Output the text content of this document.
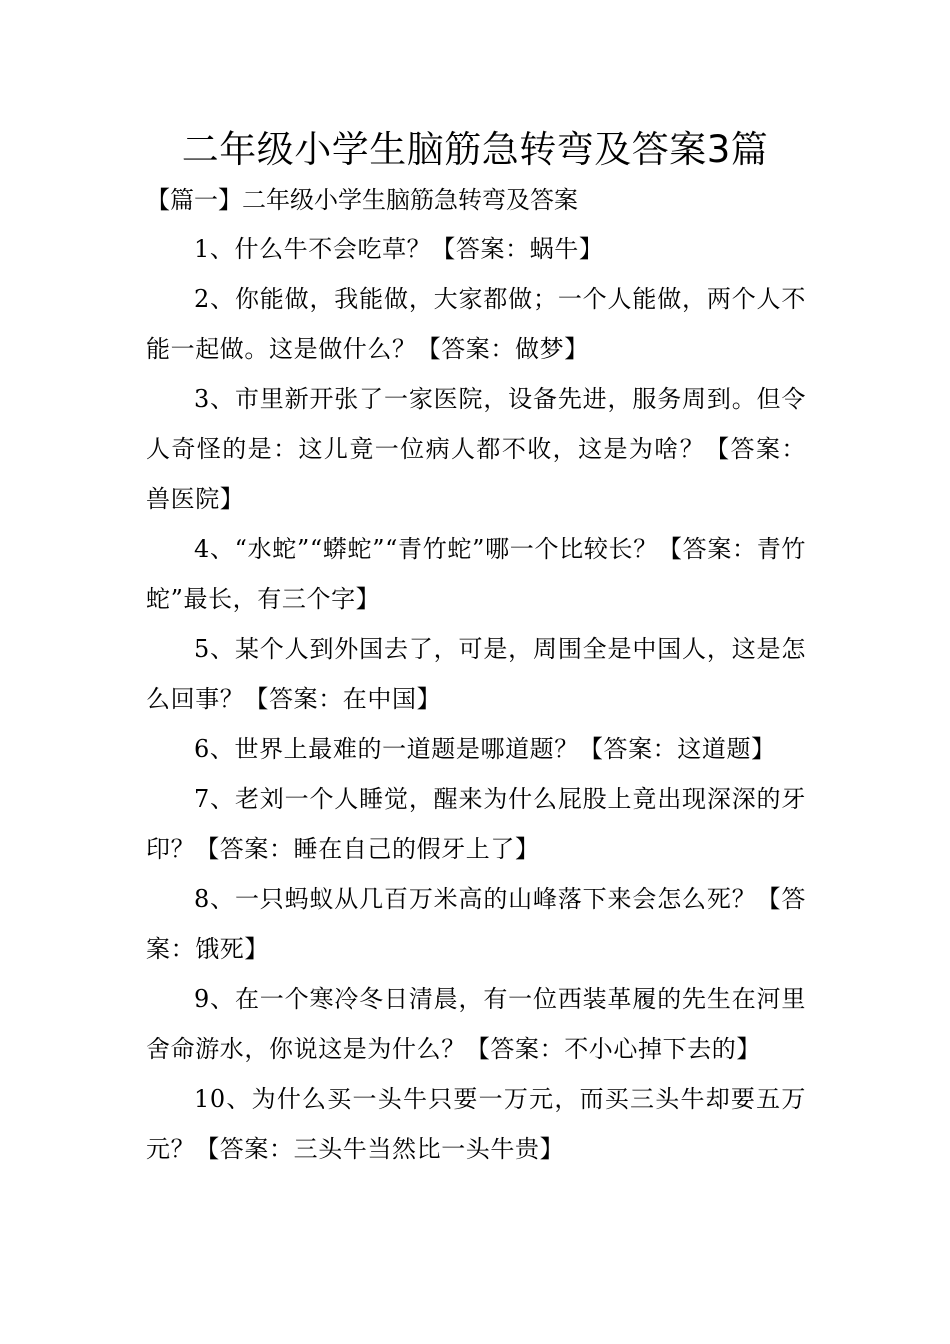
二年级小学生脑筋急转弯及答案3篇
【篇一】二年级小学生脑筋急转弯及答案

1、什么牛不会吃草？【答案：蜗牛】

2、你能做，我能做，大家都做；一个人能做，两个人不能一起做。这是做什么？【答案：做梦】

3、市里新开张了一家医院，设备先进，服务周到。但令人奇怪的是：这儿竟一位病人都不收，这是为啥？【答案：兽医院】

4、“水蛇”“蟒蛇”“青竹蛇”哪一个比较长？【答案：青竹蛇”最长，有三个字】

5、某个人到外国去了，可是，周围全是中国人，这是怎么回事？【答案：在中国】

6、世界上最难的一道题是哪道题？【答案：这道题】

7、老刘一个人睡觉，醒来为什么屁股上竟出现深深的牙印？【答案：睡在自己的假牙上了】

8、一只蚂蚁从几百万米高的山峰落下来会怎么死？【答案：饿死】

9、在一个寒冷冬日清晨，有一位西装革履的先生在河里舍命游水，你说这是为什么？【答案：不小心掉下去的】

10、为什么买一头牛只要一万元，而买三头牛却要五万元？【答案：三头牛当然比一头牛贵】
